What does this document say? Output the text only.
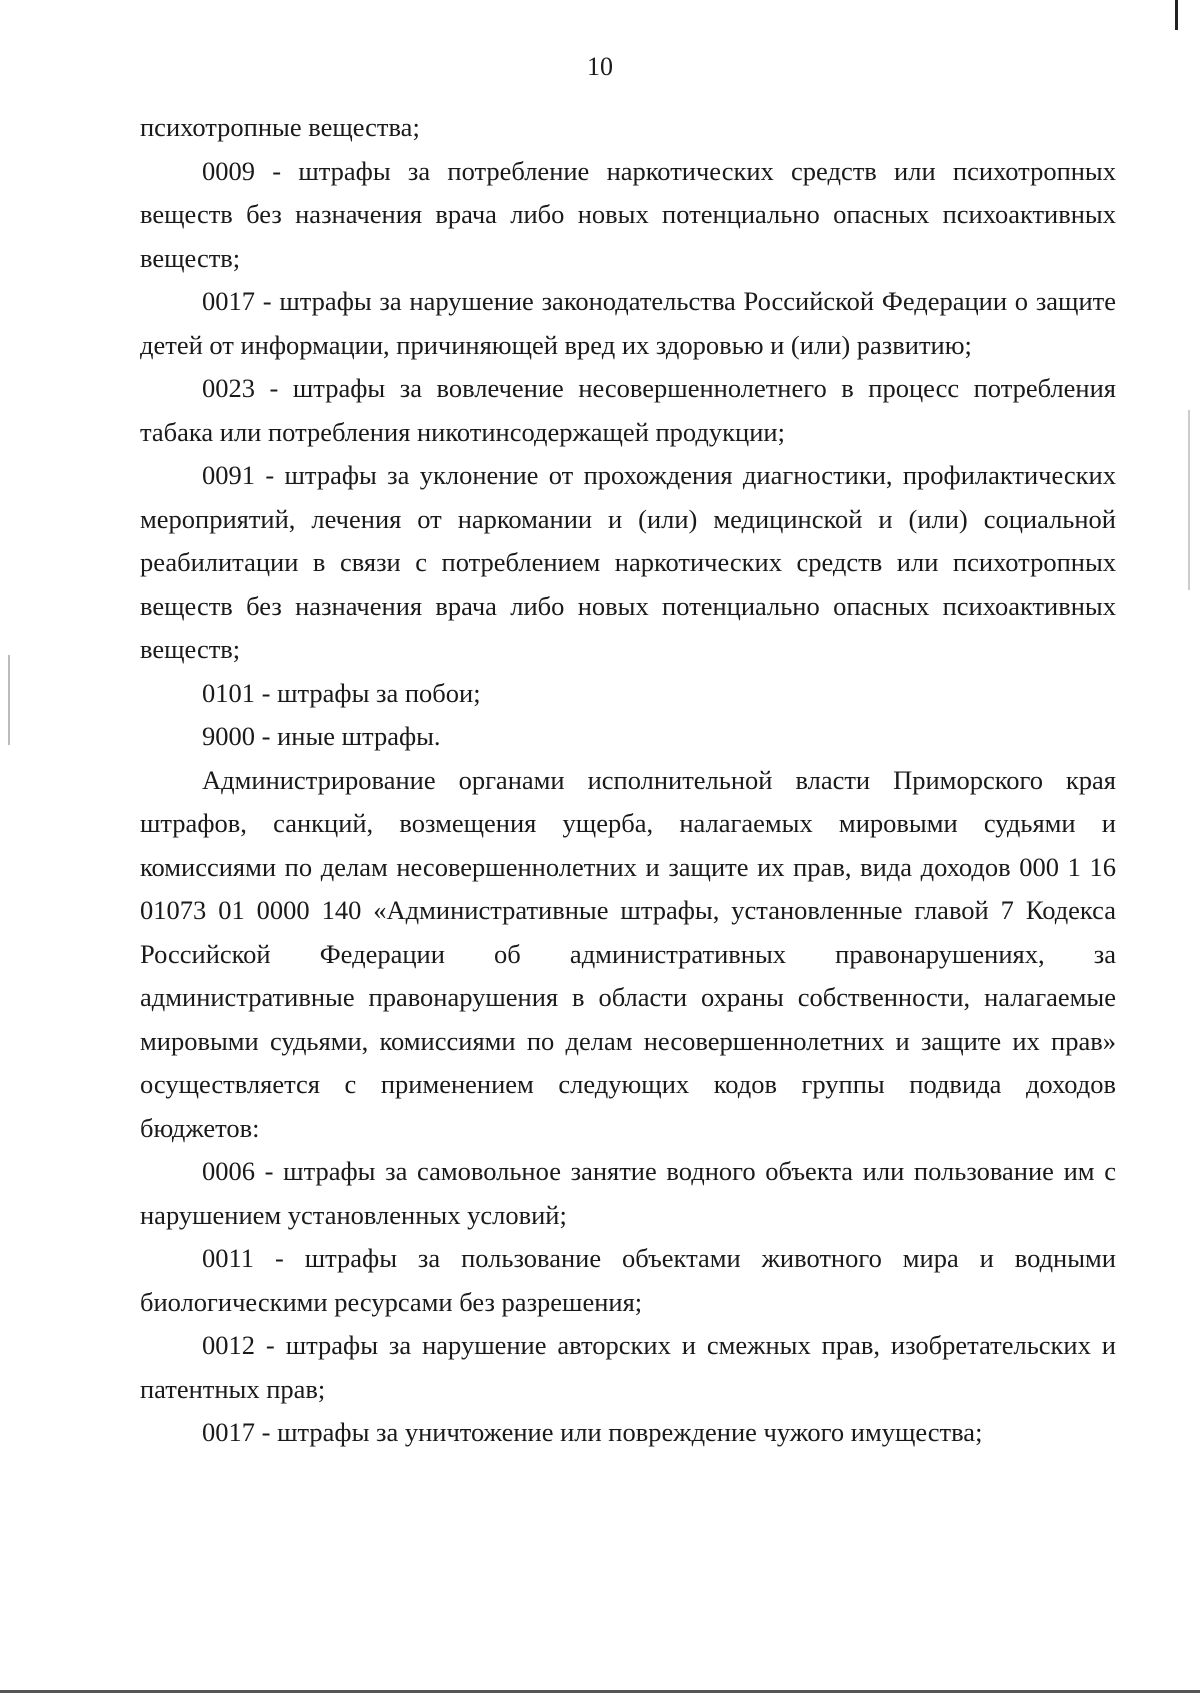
10

психотропные вещества;

0009 - штрафы за потребление наркотических средств или психотропных веществ без назначения врача либо новых потенциально опасных психоактивных веществ;

0017 - штрафы за нарушение законодательства Российской Федерации о защите детей от информации, причиняющей вред их здоровью и (или) развитию;

0023 - штрафы за вовлечение несовершеннолетнего в процесс потребления табака или потребления никотинсодержащей продукции;

0091 - штрафы за уклонение от прохождения диагностики, профилактических мероприятий, лечения от наркомании и (или) медицинской и (или) социальной реабилитации в связи с потреблением наркотических средств или психотропных веществ без назначения врача либо новых потенциально опасных психоактивных веществ;

0101 - штрафы за побои;

9000 - иные штрафы.

Администрирование органами исполнительной власти Приморского края штрафов, санкций, возмещения ущерба, налагаемых мировыми судьями и комиссиями по делам несовершеннолетних и защите их прав, вида доходов 000 1 16 01073 01 0000 140 «Административные штрафы, установленные главой 7 Кодекса Российской Федерации об административных правонарушениях, за административные правонарушения в области охраны собственности, налагаемые мировыми судьями, комиссиями по делам несовершеннолетних и защите их прав» осуществляется с применением следующих кодов группы подвида доходов бюджетов:

0006 - штрафы за самовольное занятие водного объекта или пользование им с нарушением установленных условий;

0011 - штрафы за пользование объектами животного мира и водными биологическими ресурсами без разрешения;

0012 - штрафы за нарушение авторских и смежных прав, изобретательских и патентных прав;

0017 - штрафы за уничтожение или повреждение чужого имущества;
